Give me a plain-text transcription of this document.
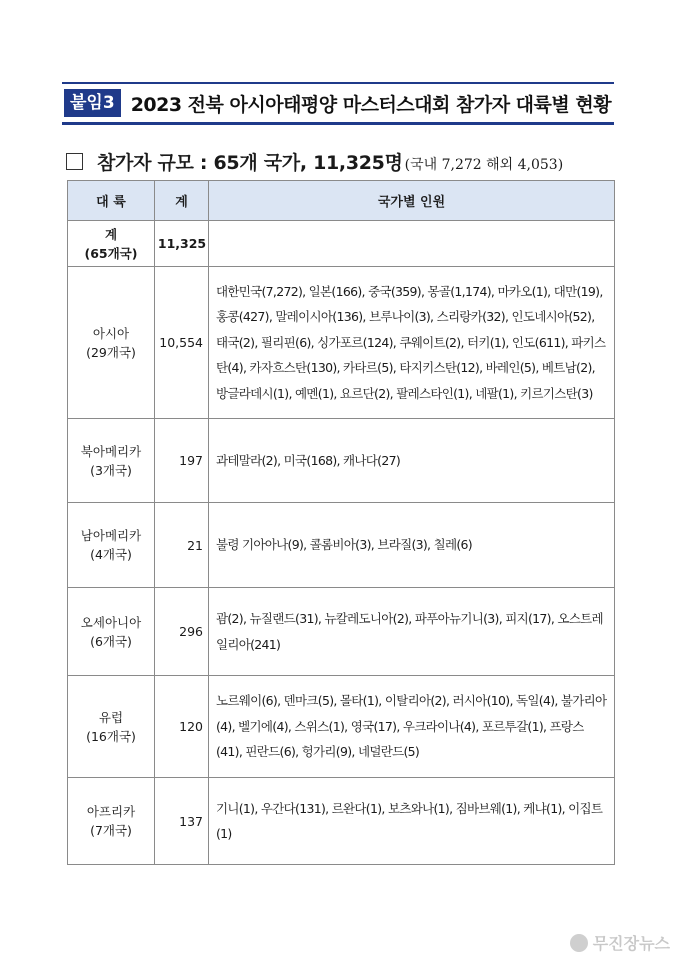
붙임3 2023 전북 아시아태평양 마스터스대회 참가자 대륙별 현황
참가자 규모 : 65개 국가, 11,325명 (국내 7,272 해외 4,053)
대 륙	계	국가별 인원
계
(65개국)	11,325	
아시아
(29개국)	10,554	대한민국(7,272), 일본(166), 중국(359), 몽골(1,174), 마카오(1), 대만(19), 홍콩(427), 말레이시아(136), 브루나이(3), 스리랑카(32), 인도네시아(52), 태국(2), 필리핀(6), 싱가포르(124), 쿠웨이트(2), 터키(1), 인도(611), 파키스탄(4), 카자흐스탄(130), 카타르(5), 타지키스탄(12), 바레인(5), 베트남(2), 방글라데시(1), 예멘(1), 요르단(2), 팔레스타인(1), 네팔(1), 키르기스탄(3)
북아메리카
(3개국)	197	과테말라(2), 미국(168), 캐나다(27)
남아메리카
(4개국)	21	불령 기아아나(9), 콜롬비아(3), 브라질(3), 칠레(6)
오세아니아
(6개국)	296	괌(2), 뉴질랜드(31), 뉴칼레도니아(2), 파푸아뉴기니(3), 피지(17), 오스트레일리아(241)
유럽
(16개국)	120	노르웨이(6), 덴마크(5), 몰타(1), 이탈리아(2), 러시아(10), 독일(4), 불가리아(4), 벨기에(4), 스위스(1), 영국(17), 우크라이나(4), 포르투갈(1), 프랑스(41), 핀란드(6), 헝가리(9), 네덜란드(5)
아프리카
(7개국)	137	기니(1), 우간다(131), 르완다(1), 보츠와나(1), 짐바브웨(1), 케냐(1), 이집트(1)
무진장뉴스
